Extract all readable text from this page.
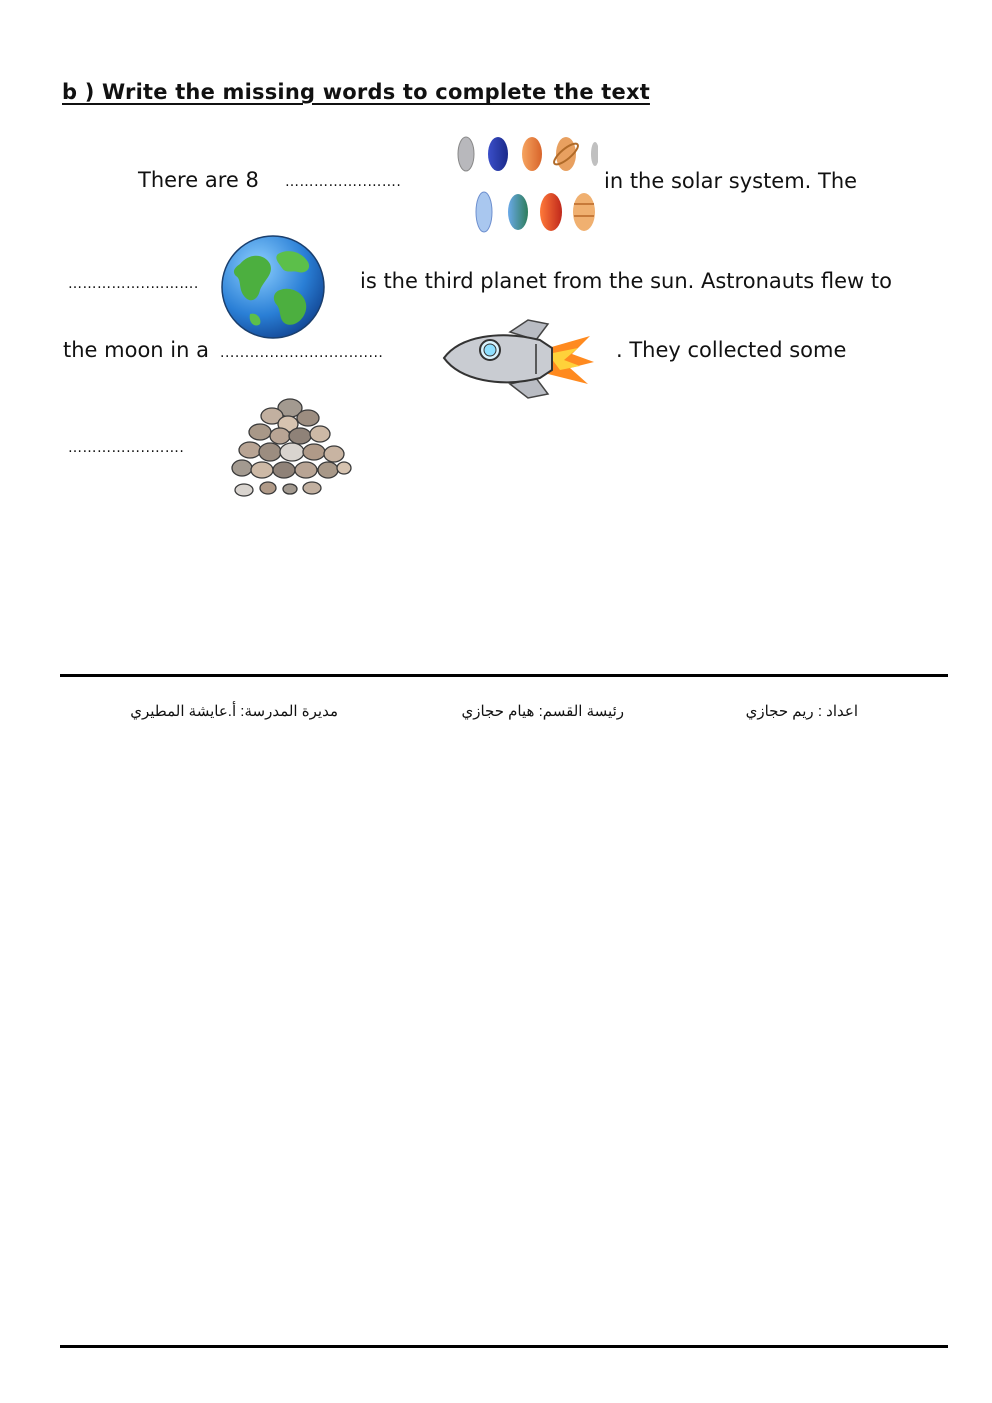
b ) Write the missing words to complete the text
There are 8 ……………..…….	in the solar system. The
……………..……….	is the third planet from the sun. Astronauts flew to
the moon in a .................................	. They collected some
……………..…….
اعداد : ريم حجازي
رئيسة القسم: هيام حجازي
مديرة المدرسة: أ.عايشة المطيري
